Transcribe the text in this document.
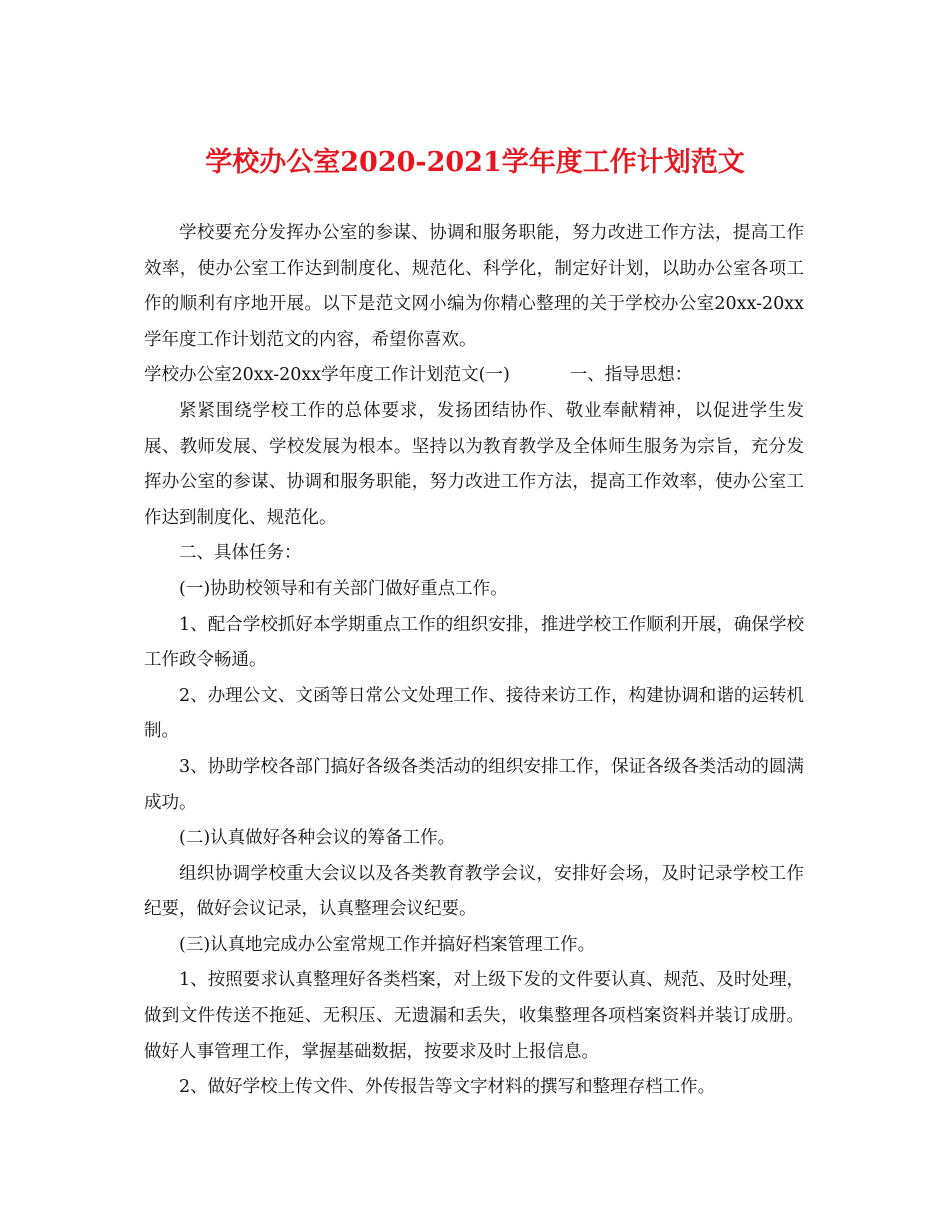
学校办公室2020-2021学年度工作计划范文

学校要充分发挥办公室的参谋、协调和服务职能，努力改进工作方法，提高工作效率，使办公室工作达到制度化、规范化、科学化，制定好计划，以助办公室各项工作的顺利有序地开展。以下是范文网小编为你精心整理的关于学校办公室20xx-20xx学年度工作计划范文的内容，希望你喜欢。

学校办公室20xx-20xx学年度工作计划范文(一)	一、指导思想：

紧紧围绕学校工作的总体要求，发扬团结协作、敬业奉献精神，以促进学生发展、教师发展、学校发展为根本。坚持以为教育教学及全体师生服务为宗旨，充分发挥办公室的参谋、协调和服务职能，努力改进工作方法，提高工作效率，使办公室工作达到制度化、规范化。

二、具体任务：

(一)协助校领导和有关部门做好重点工作。

1、配合学校抓好本学期重点工作的组织安排，推进学校工作顺利开展，确保学校工作政令畅通。

2、办理公文、文函等日常公文处理工作、接待来访工作，构建协调和谐的运转机制。

3、协助学校各部门搞好各级各类活动的组织安排工作，保证各级各类活动的圆满成功。

(二)认真做好各种会议的筹备工作。

组织协调学校重大会议以及各类教育教学会议，安排好会场，及时记录学校工作纪要，做好会议记录，认真整理会议纪要。

(三)认真地完成办公室常规工作并搞好档案管理工作。

1、按照要求认真整理好各类档案，对上级下发的文件要认真、规范、及时处理，做到文件传送不拖延、无积压、无遗漏和丢失，收集整理各项档案资料并装订成册。做好人事管理工作，掌握基础数据，按要求及时上报信息。

2、做好学校上传文件、外传报告等文字材料的撰写和整理存档工作。
